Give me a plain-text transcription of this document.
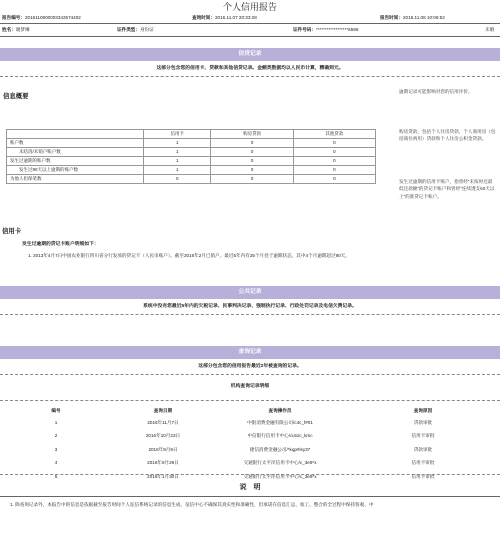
个人信用报告
报告编号：2016110800003342574402	查询时间：2016.11.07 20:33:28	报告时间：2016.11.08 10:06:52
姓名：谢梦琳	证件类型：身份证	证件号码：******************6598	未婚
信贷记录
这部分包含您的信用卡、贷款和其他信贷记录。金额类数据均以人民币计算，精确到元。
信息概要
	信用卡	购房贷款	其他贷款
账户数	1	0	0
未结清/未销户账户数	1	0	0
发生过逾期的账户数	1	0	0
发生过90天以上逾期的账户数	1	0	0
为他人担保笔数	0	0	0
逾期记录可能影响对您的信用评价。
购房贷款，包括个人住房贷款、个人商用房（包括商住两用）贷款和个人住房公积金贷款。
发生过逾期的信用卡账户，指曾经“未按时还最低还款额”的贷记卡账户和曾经“连续透支60天以上”的准贷记卡账户。
信用卡
发生过逾期的贷记卡账户明细如下：
1. 2013年4月7日中国农业银行四川省分行发放的贷记卡（人民币账户）。截至2016年2月已销户。最近5年内有25个月处于逾期状态，其中4个月逾期超过90天。
公共记录
系统中没有您最近5年内的欠税记录、民事判决记录、强制执行记录、行政处罚记录及电信欠费记录。
查询记录
这部分包含您的信用报告最近2年被查询的记录。
机构查询记录明细
编号	查询日期	查询操作员	查询原因
1	2016年11月7日	中银消费金融有限公司/c4c_f#01	贷款审批
2	2016年10月23日	中信银行信用卡中心/ci4cic_kmc	信用卡审批
3	2016年9月9日	捷信消费金融公司/*kqp#isy37	贷款审批
4	2016年8月29日	交通银行太平洋信用卡中心/c_3e9*x	信用卡审批
5	2016年1月30日	交通银行太平洋信用卡中心/c_3e9*x	信用卡审批
说　明
1. 除查询记录外，本报告中的信息是依据截至报告时间个人征信系统记录的信息生成，征信中心不确保其真实性和准确性，但承诺在信息汇总、加工、整合的全过程中保持客观、中
